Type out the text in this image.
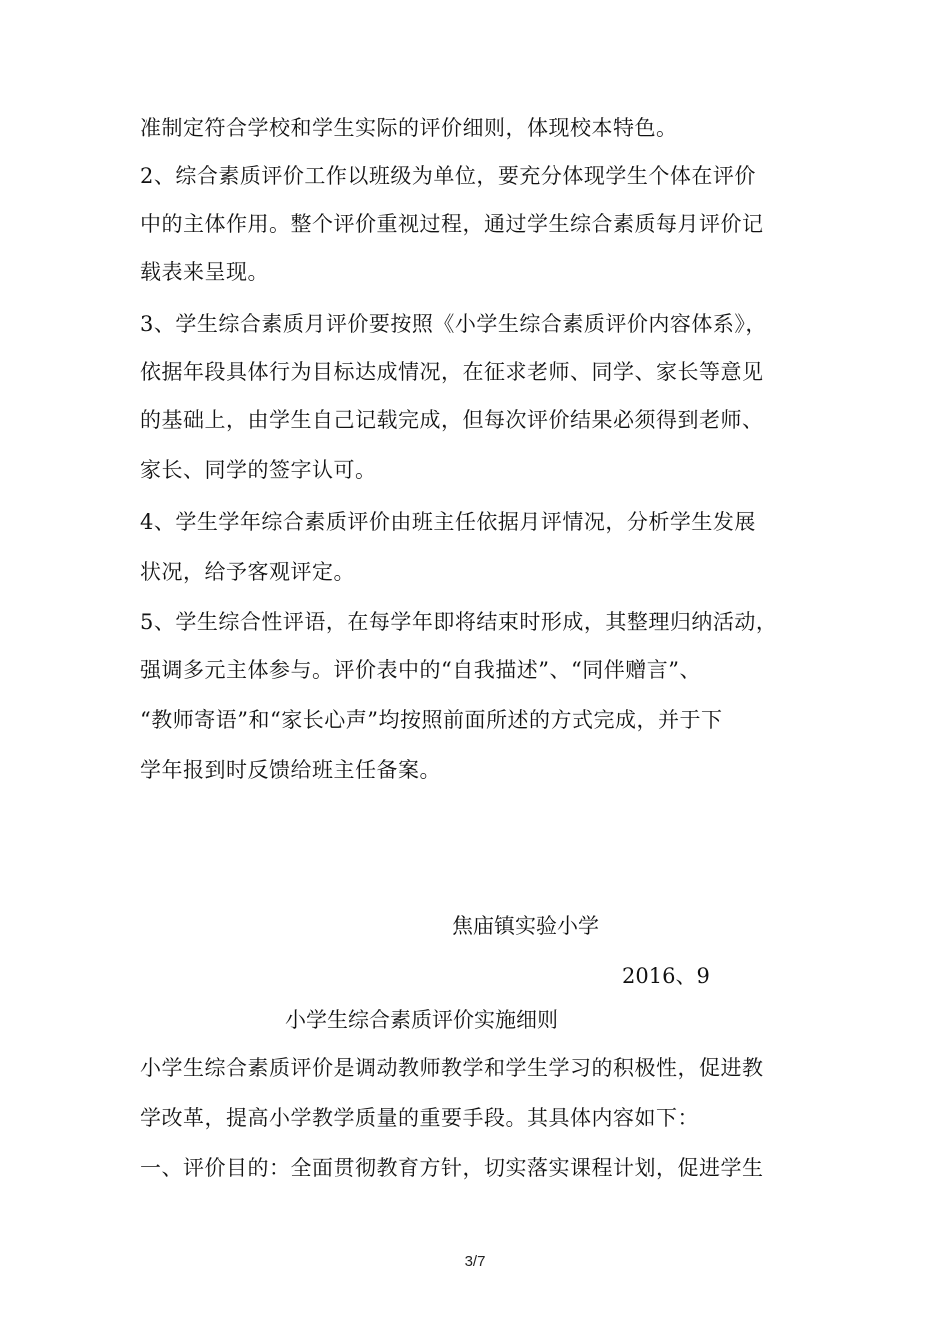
准制定符合学校和学生实际的评价细则，体现校本特色。
2、综合素质评价工作以班级为单位，要充分体现学生个体在评价
中的主体作用。整个评价重视过程，通过学生综合素质每月评价记
载表来呈现。
3、学生综合素质月评价要按照《小学生综合素质评价内容体系》，
依据年段具体行为目标达成情况，在征求老师、同学、家长等意见
的基础上，由学生自己记载完成，但每次评价结果必须得到老师、
家长、同学的签字认可。
4、学生学年综合素质评价由班主任依据月评情况，分析学生发展
状况，给予客观评定。
5、学生综合性评语，在每学年即将结束时形成，其整理归纳活动，
强调多元主体参与。评价表中的“自我描述”、“同伴赠言”、
“教师寄语”和“家长心声”均按照前面所述的方式完成，并于下
学年报到时反馈给班主任备案。
焦庙镇实验小学
2016、9
小学生综合素质评价实施细则
小学生综合素质评价是调动教师教学和学生学习的积极性，促进教
学改革，提高小学教学质量的重要手段。其具体内容如下：
一、评价目的：全面贯彻教育方针，切实落实课程计划，促进学生
3/7
